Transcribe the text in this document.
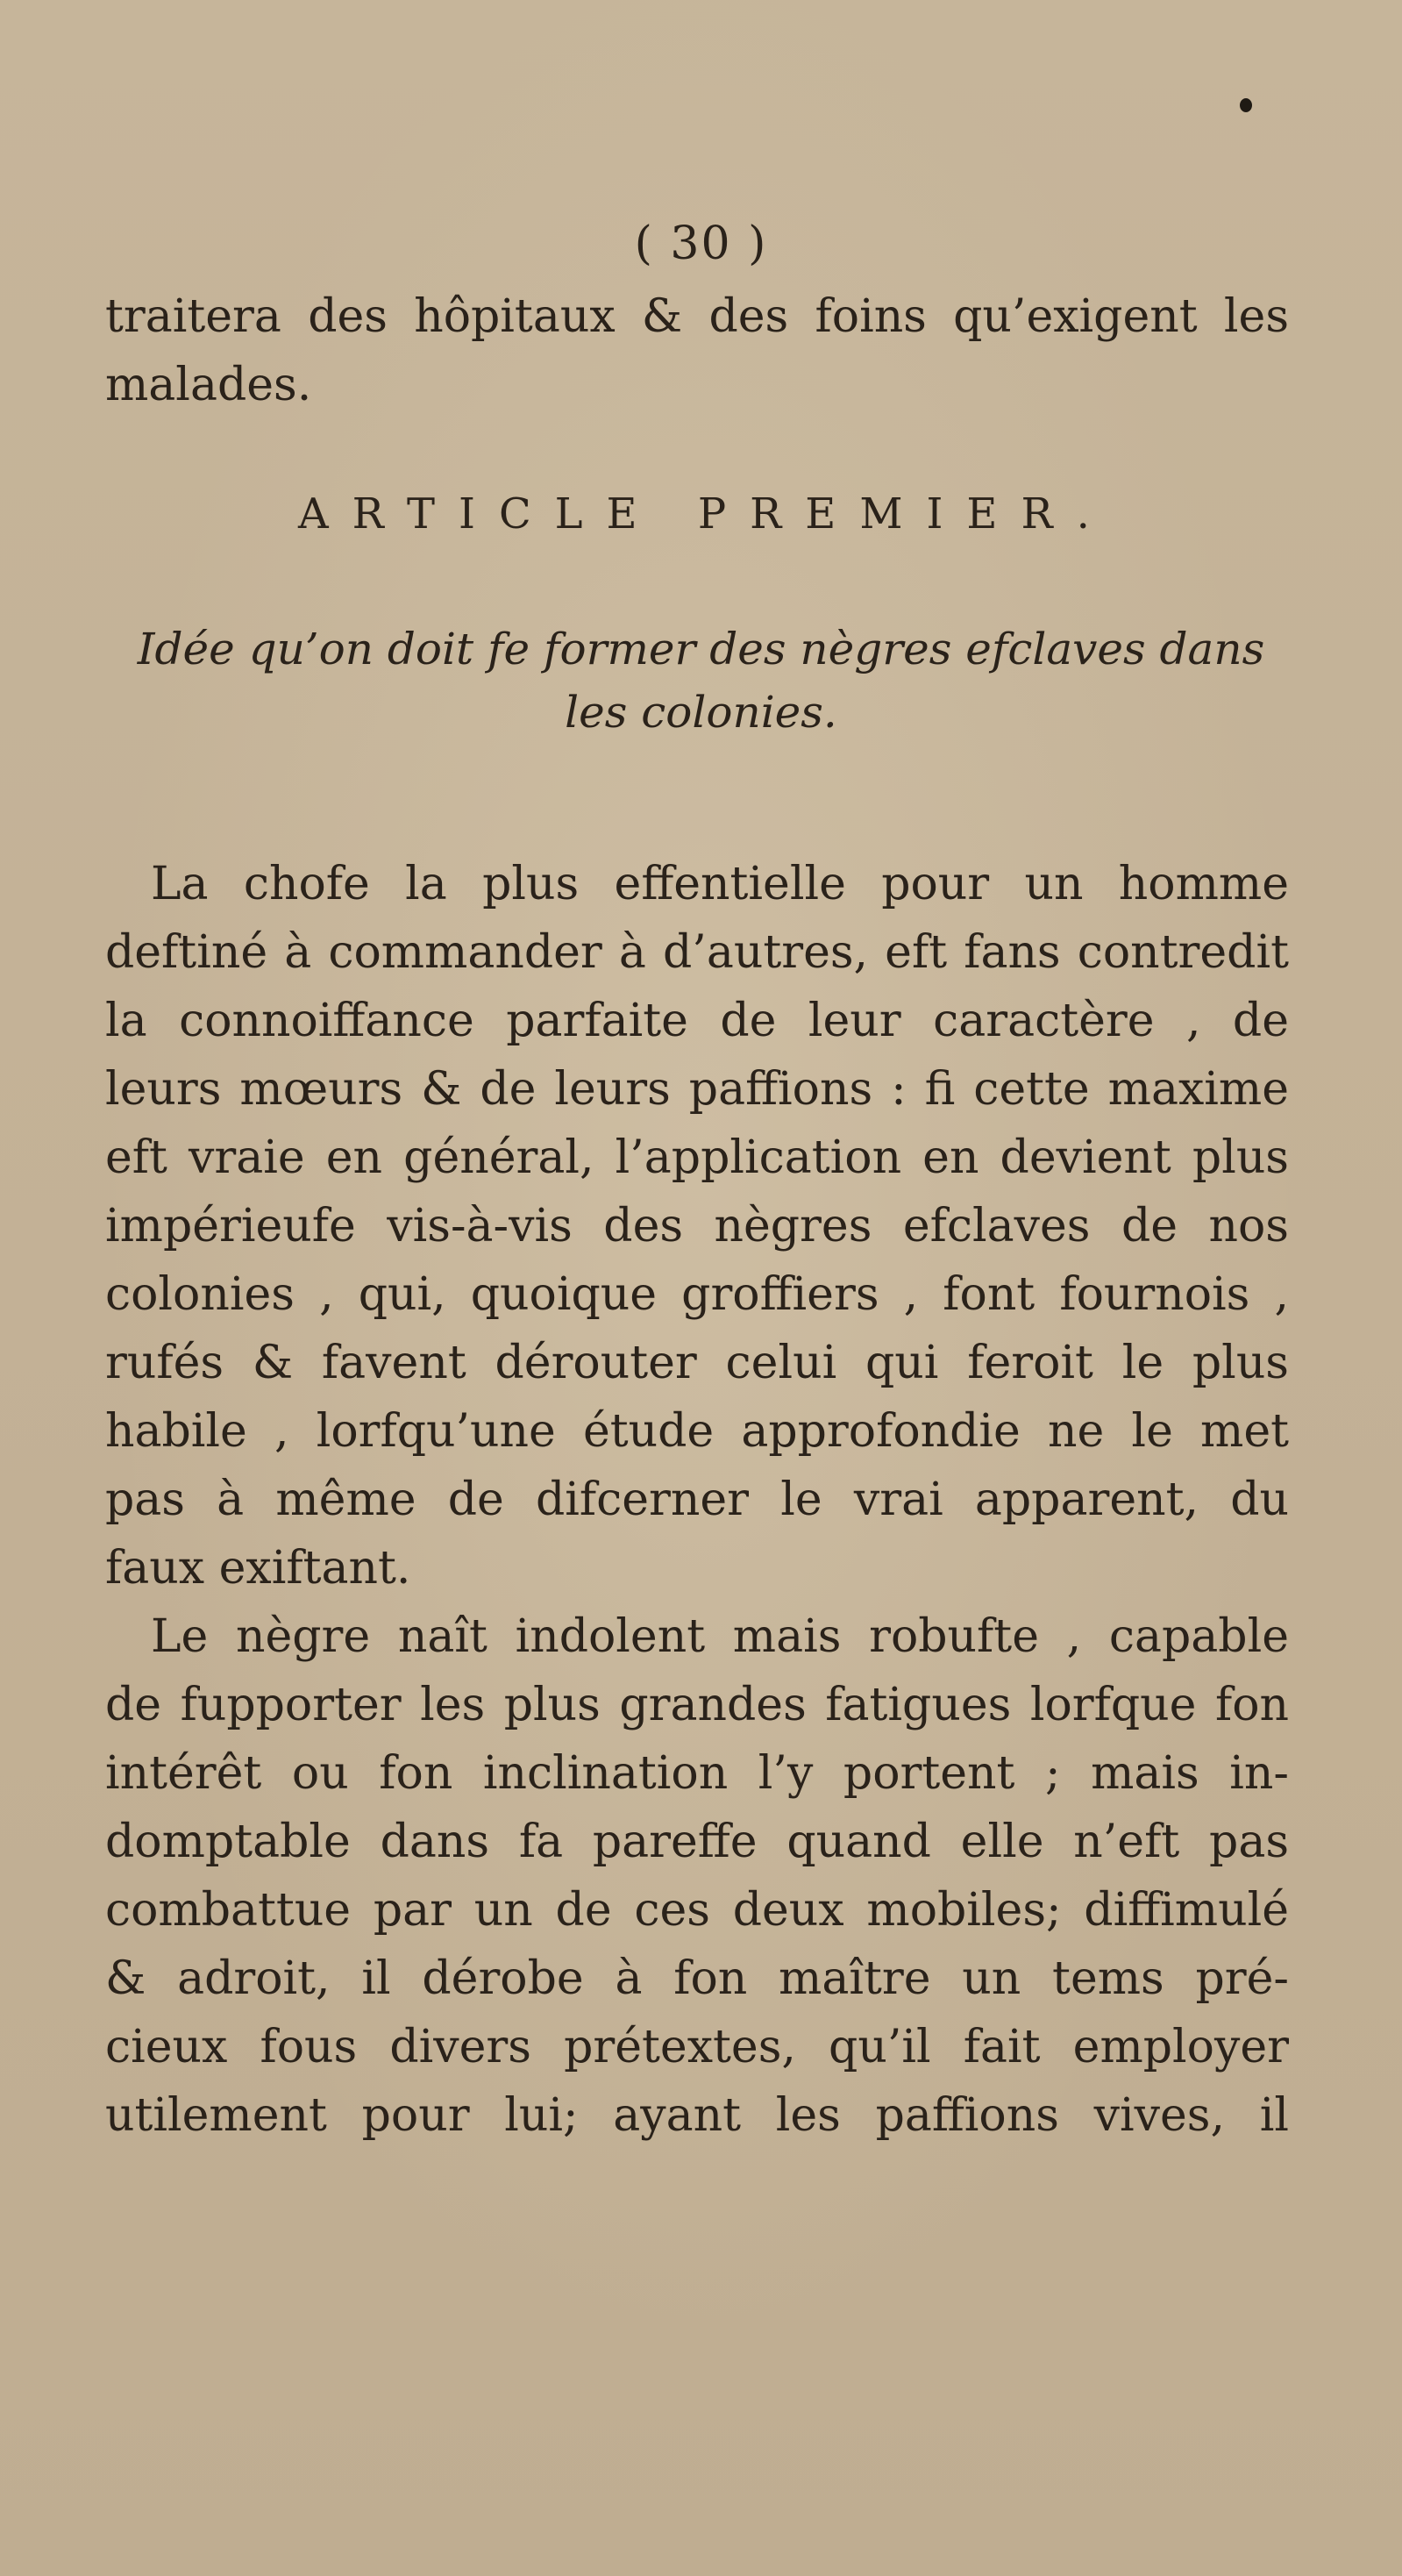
( 30 )
traitera des hôpitaux & des foins qu’exigent les
malades.
ARTICLE PREMIER.
Idée qu’on doit fe former des nègres efclaves dans
les colonies.
La chofe la plus effentielle pour un homme
deftiné à commander à d’autres, eft fans contredit
la connoiffance parfaite de leur caractère , de
leurs mœurs & de leurs paffions : fi cette maxime
eft vraie en général, l’application en devient plus
impérieufe vis-à-vis des nègres efclaves de nos
colonies , qui, quoique groffiers , font fournois ,
rufés & favent dérouter celui qui feroit le plus
habile , lorfqu’une étude approfondie ne le met
pas à même de difcerner le vrai apparent, du
faux exiftant.
Le nègre naît indolent mais robufte , capable
de fupporter les plus grandes fatigues lorfque fon
intérêt ou fon inclination l’y portent ; mais in-
domptable dans fa pareffe quand elle n’eft pas
combattue par un de ces deux mobiles; diffimulé
& adroit, il dérobe à fon maître un tems pré-
cieux fous divers prétextes, qu’il fait employer
utilement pour lui; ayant les paffions vives, il
